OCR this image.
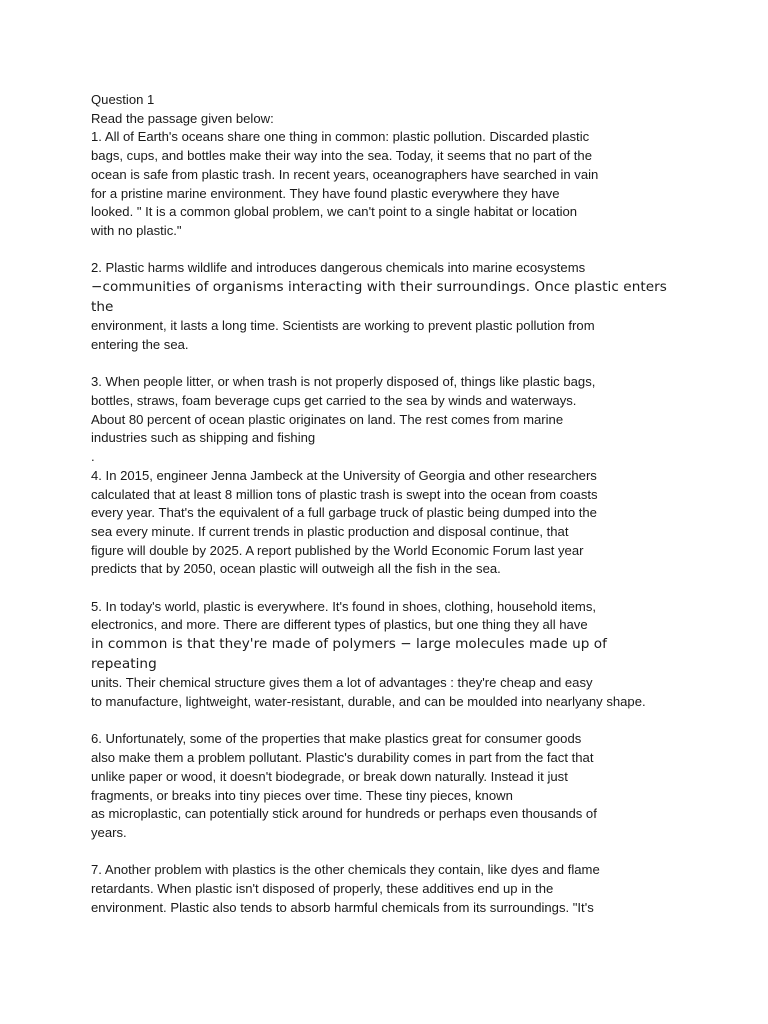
Question 1
Read the passage given below:
1. All of Earth's oceans share one thing in common: plastic pollution. Discarded plastic
bags, cups, and bottles make their way into the sea. Today, it seems that no part of the
ocean is safe from plastic trash. In recent years, oceanographers have searched in vain
for a pristine marine environment. They have found plastic everywhere they have
looked. " It is a common global problem, we can't point to a single habitat or location
with no plastic."
2. Plastic harms wildlife and introduces dangerous chemicals into marine ecosystems
−communities of organisms interacting with their surroundings. Once plastic enters
the
environment, it lasts a long time. Scientists are working to prevent plastic pollution from
entering the sea.
3. When people litter, or when trash is not properly disposed of, things like plastic bags,
bottles, straws, foam beverage cups get carried to the sea by winds and waterways.
About 80 percent of ocean plastic originates on land. The rest comes from marine
industries such as shipping and fishing
.
4. In 2015, engineer Jenna Jambeck at the University of Georgia and other researchers
calculated that at least 8 million tons of plastic trash is swept into the ocean from coasts
every year. That's the equivalent of a full garbage truck of plastic being dumped into the
sea every minute. If current trends in plastic production and disposal continue, that
figure will double by 2025. A report published by the World Economic Forum last year
predicts that by 2050, ocean plastic will outweigh all the fish in the sea.
5. In today's world, plastic is everywhere. It's found in shoes, clothing, household items,
electronics, and more. There are different types of plastics, but one thing they all have
in common is that they're made of polymers − large molecules made up of
repeating
units. Their chemical structure gives them a lot of advantages : they're cheap and easy
to manufacture, lightweight, water-resistant, durable, and can be moulded into nearlyany shape.
6. Unfortunately, some of the properties that make plastics great for consumer goods
also make them a problem pollutant. Plastic's durability comes in part from the fact that
unlike paper or wood, it doesn't biodegrade, or break down naturally. Instead it just
fragments, or breaks into tiny pieces over time. These tiny pieces, known
as microplastic, can potentially stick around for hundreds or perhaps even thousands of
years.
7. Another problem with plastics is the other chemicals they contain, like dyes and flame
retardants. When plastic isn't disposed of properly, these additives end up in the
environment. Plastic also tends to absorb harmful chemicals from its surroundings. "It's
